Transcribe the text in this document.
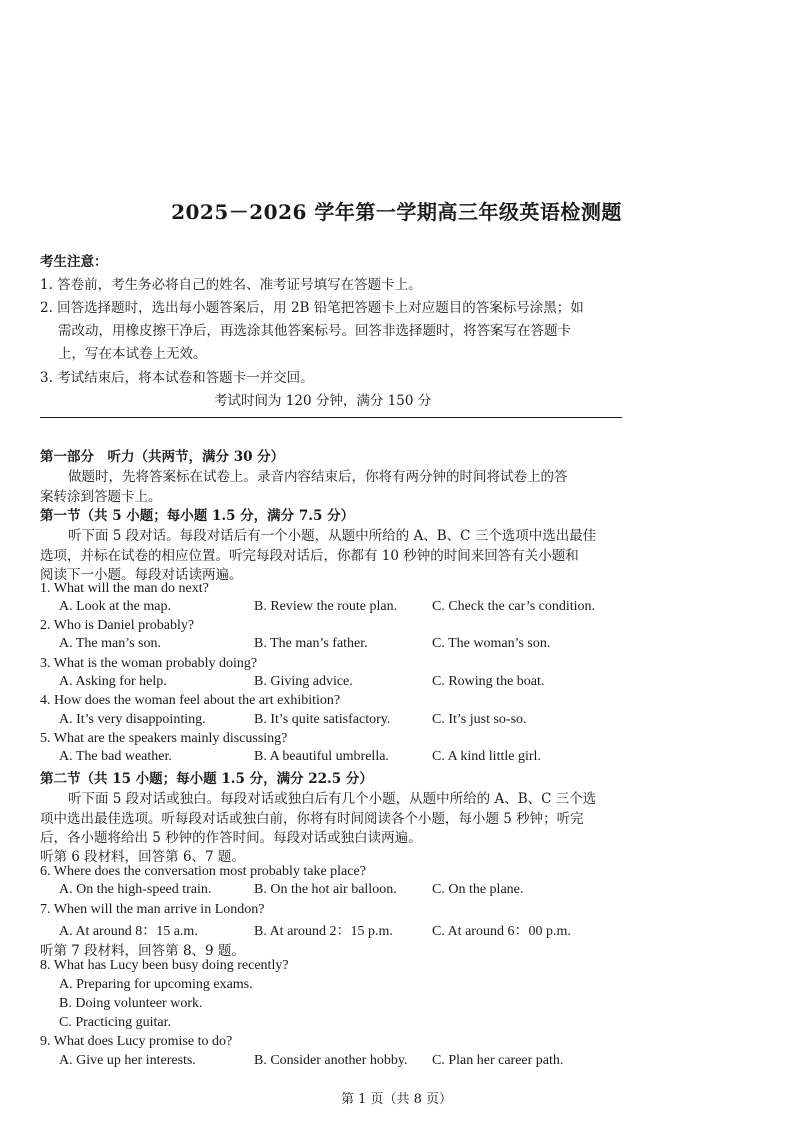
2025－2026 学年第一学期高三年级英语检测题
考生注意：
1. 答卷前，考生务必将自己的姓名、准考证号填写在答题卡上。
2. 回答选择题时，选出每小题答案后，用 2B 铅笔把答题卡上对应题目的答案标号涂黑；如
需改动，用橡皮擦干净后，再选涂其他答案标号。回答非选择题时，将答案写在答题卡
上，写在本试卷上无效。
3. 考试结束后，将本试卷和答题卡一并交回。
考试时间为 120 分钟，满分 150 分
第一部分　听力（共两节，满分 30 分）
做题时，先将答案标在试卷上。录音内容结束后，你将有两分钟的时间将试卷上的答
案转涂到答题卡上。
第一节（共 5 小题；每小题 1.5 分，满分 7.5 分）
听下面 5 段对话。每段对话后有一个小题，从题中所给的 A、B、C 三个选项中选出最佳
选项，并标在试卷的相应位置。听完每段对话后，你都有 10 秒钟的时间来回答有关小题和
阅读下一小题。每段对话读两遍。
1. What will the man do next?
A. Look at the map.	B. Review the route plan. C. Check the car’s condition.
2. Who is Daniel probably?
A. The man’s son.	B. The man’s father.	C. The woman’s son.
3. What is the woman probably doing?
A. Asking for help.	B. Giving advice.	C. Rowing the boat.
4. How does the woman feel about the art exhibition?
A. It’s very disappointing.	B. It’s quite satisfactory.	C. It’s just so-so.
5. What are the speakers mainly discussing?
A. The bad weather.	B. A beautiful umbrella.	C. A kind little girl.
第二节（共 15 小题；每小题 1.5 分，满分 22.5 分）
听下面 5 段对话或独白。每段对话或独白后有几个小题，从题中所给的 A、B、C 三个选
项中选出最佳选项。听每段对话或独白前，你将有时间阅读各个小题，每小题 5 秒钟；听完
后，各小题将给出 5 秒钟的作答时间。每段对话或独白读两遍。
听第 6 段材料，回答第 6、7 题。
6. Where does the conversation most probably take place?
A. On the high-speed train.	B. On the hot air balloon.	C. On the plane.
7. When will the man arrive in London?
A. At around 8：15 a.m.	B. At around 2：15 p.m.	C. At around 6：00 p.m.
听第 7 段材料，回答第 8、9 题。
8. What has Lucy been busy doing recently?
A. Preparing for upcoming exams.
B. Doing volunteer work.
C. Practicing guitar.
9. What does Lucy promise to do?
A. Give up her interests.	B. Consider another hobby. C. Plan her career path.
第 1 页（共 8 页）
